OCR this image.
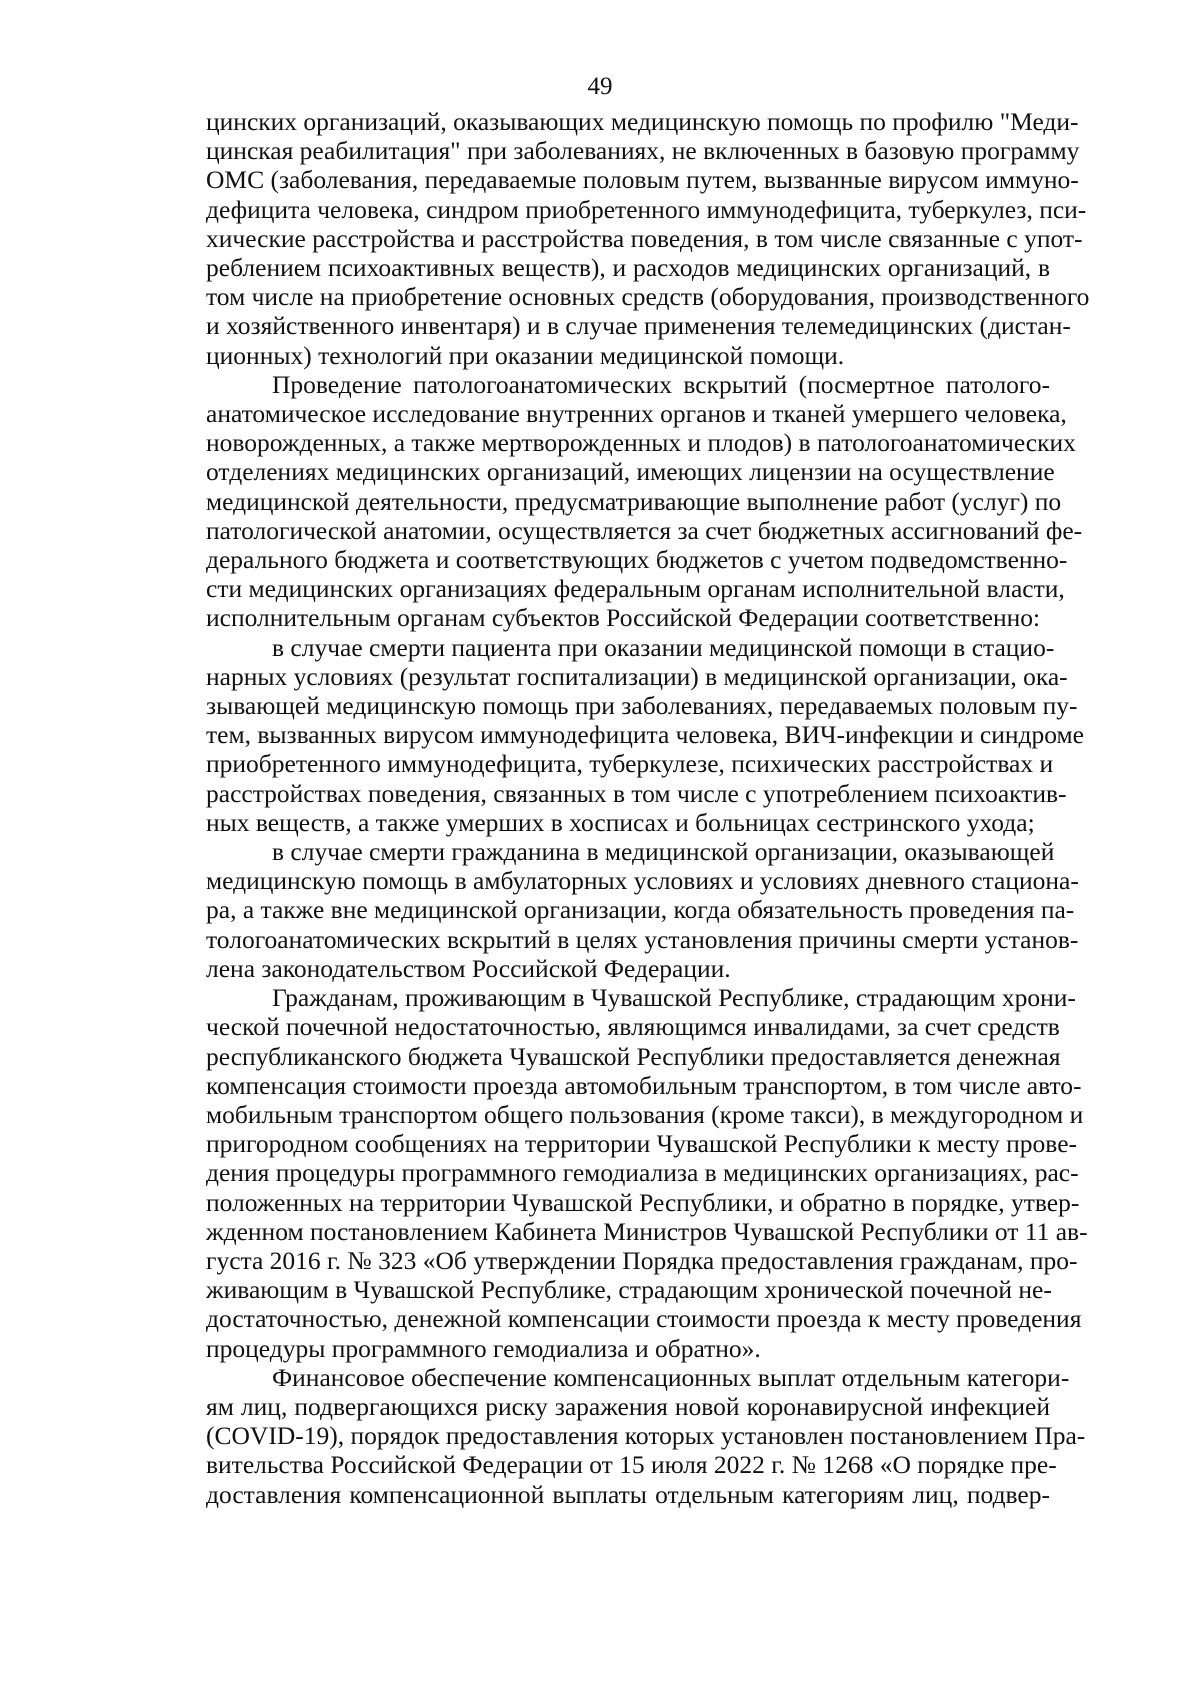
49
цинских организаций, оказывающих медицинскую помощь по профилю "Меди-
цинская реабилитация" при заболеваниях, не включенных в базовую программу
ОМС (заболевания, передаваемые половым путем, вызванные вирусом иммуно-
дефицита человека, синдром приобретенного иммунодефицита, туберкулез, пси-
хические расстройства и расстройства поведения, в том числе связанные с упот-
реблением психоактивных веществ), и расходов медицинских организаций, в
том числе на приобретение основных средств (оборудования, производственного
и хозяйственного инвентаря) и в случае применения телемедицинских (дистан-
ционных) технологий при оказании медицинской помощи.
Проведение патологоанатомических вскрытий (посмертное патолого-
анатомическое исследование внутренних органов и тканей умершего человека,
новорожденных, а также мертворожденных и плодов) в патологоанатомических
отделениях медицинских организаций, имеющих лицензии на осуществление
медицинской деятельности, предусматривающие выполнение работ (услуг) по
патологической анатомии, осуществляется за счет бюджетных ассигнований фе-
дерального бюджета и соответствующих бюджетов с учетом подведомственно-
сти медицинских организациях федеральным органам исполнительной власти,
исполнительным органам субъектов Российской Федерации соответственно:
в случае смерти пациента при оказании медицинской помощи в стацио-
нарных условиях (результат госпитализации) в медицинской организации, ока-
зывающей медицинскую помощь при заболеваниях, передаваемых половым пу-
тем, вызванных вирусом иммунодефицита человека, ВИЧ-инфекции и синдроме
приобретенного иммунодефицита, туберкулезе, психических расстройствах и
расстройствах поведения, связанных в том числе с употреблением психоактив-
ных веществ, а также умерших в хосписах и больницах сестринского ухода;
в случае смерти гражданина в медицинской организации, оказывающей
медицинскую помощь в амбулаторных условиях и условиях дневного стациона-
ра, а также вне медицинской организации, когда обязательность проведения па-
тологоанатомических вскрытий в целях установления причины смерти установ-
лена законодательством Российской Федерации.
Гражданам, проживающим в Чувашской Республике, страдающим хрони-
ческой почечной недостаточностью, являющимся инвалидами, за счет средств
республиканского бюджета Чувашской Республики предоставляется денежная
компенсация стоимости проезда автомобильным транспортом, в том числе авто-
мобильным транспортом общего пользования (кроме такси), в междугородном и
пригородном сообщениях на территории Чувашской Республики к месту прове-
дения процедуры программного гемодиализа в медицинских организациях, рас-
положенных на территории Чувашской Республики, и обратно в порядке, утвер-
жденном постановлением Кабинета Министров Чувашской Республики от 11 ав-
густа 2016 г. № 323 «Об утверждении Порядка предоставления гражданам, про-
живающим в Чувашской Республике, страдающим хронической почечной не-
достаточностью, денежной компенсации стоимости проезда к месту проведения
процедуры программного гемодиализа и обратно».
Финансовое обеспечение компенсационных выплат отдельным категори-
ям лиц, подвергающихся риску заражения новой коронавирусной инфекцией
(COVID-19), порядок предоставления которых установлен постановлением Пра-
вительства Российской Федерации от 15 июля 2022 г. № 1268 «О порядке пре-
доставления компенсационной выплаты отдельным категориям лиц, подвер-
